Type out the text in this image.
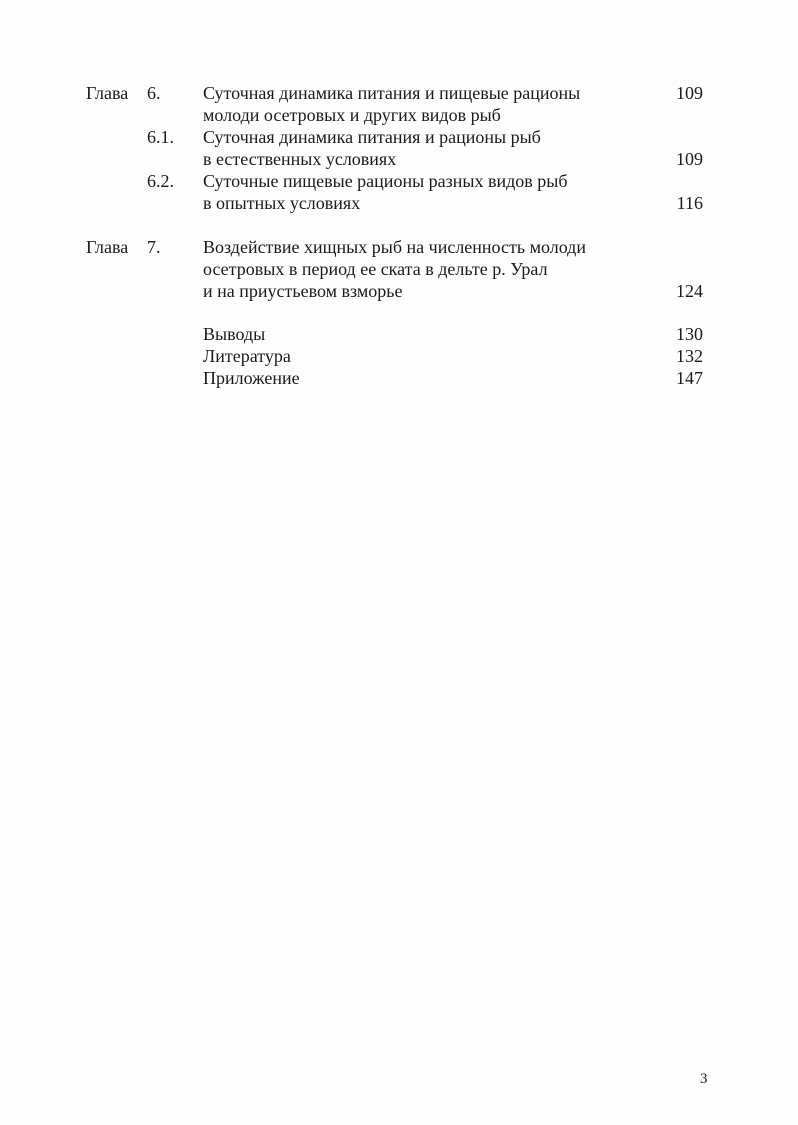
Глава 6. Суточная динамика питания и пищевые рационы	109
молоди осетровых и других видов рыб
6.1. Суточная динамика питания и рационы рыб
в естественных условиях	109
6.2. Суточные пищевые рационы разных видов рыб
в опытных условиях	116
Глава 7. Воздействие хищных рыб на численность молоди
осетровых в период ее ската в дельте р. Урал
и на приустьевом взморье	124
Выводы	130
Литература	132
Приложение	147
3
